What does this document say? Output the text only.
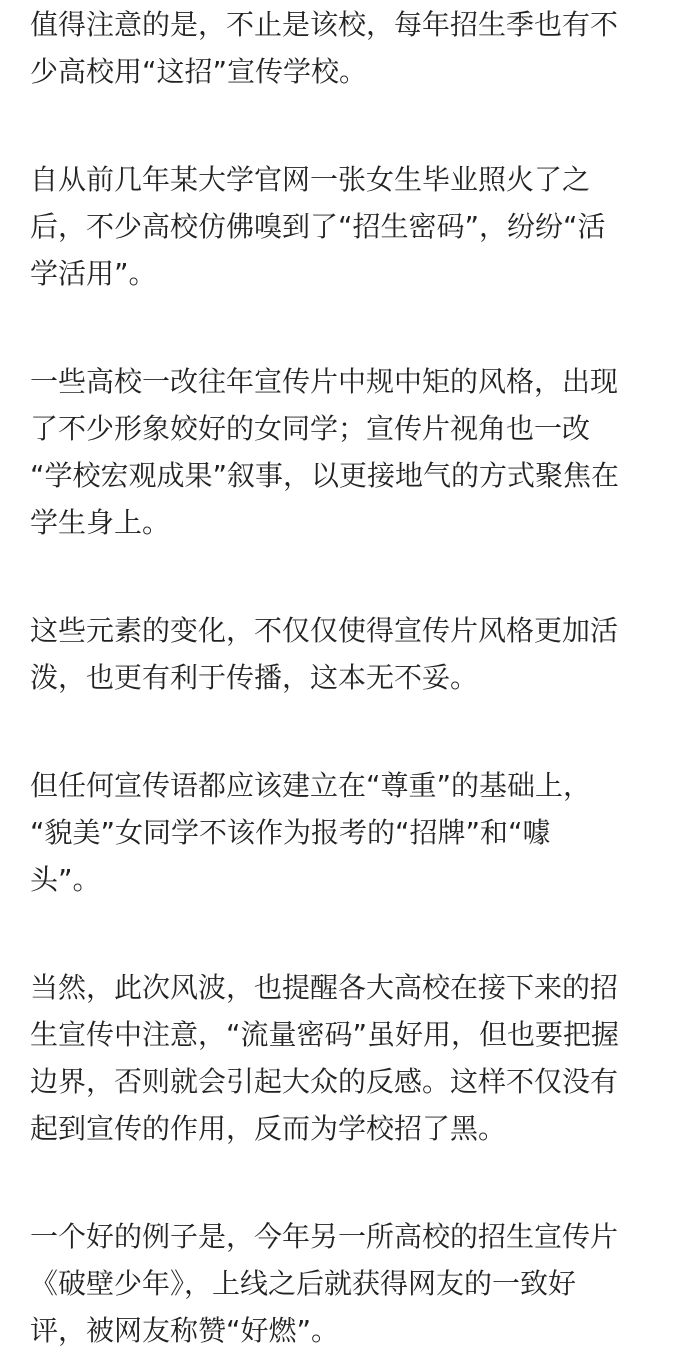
值得注意的是，不止是该校，每年招生季也有不
少高校用“这招”宣传学校。
自从前几年某大学官网一张女生毕业照火了之
后，不少高校仿佛嗅到了“招生密码”，纷纷“活
学活用”。
一些高校一改往年宣传片中规中矩的风格，出现
了不少形象姣好的女同学；宣传片视角也一改
“学校宏观成果”叙事，以更接地气的方式聚焦在
学生身上。
这些元素的变化，不仅仅使得宣传片风格更加活
泼，也更有利于传播，这本无不妥。
但任何宣传语都应该建立在“尊重”的基础上，
“貌美”女同学不该作为报考的“招牌”和“噱
头”。
当然，此次风波，也提醒各大高校在接下来的招
生宣传中注意，“流量密码”虽好用，但也要把握
边界，否则就会引起大众的反感。这样不仅没有
起到宣传的作用，反而为学校招了黑。
一个好的例子是，今年另一所高校的招生宣传片
《破壁少年》，上线之后就获得网友的一致好
评，被网友称赞“好燃”。
